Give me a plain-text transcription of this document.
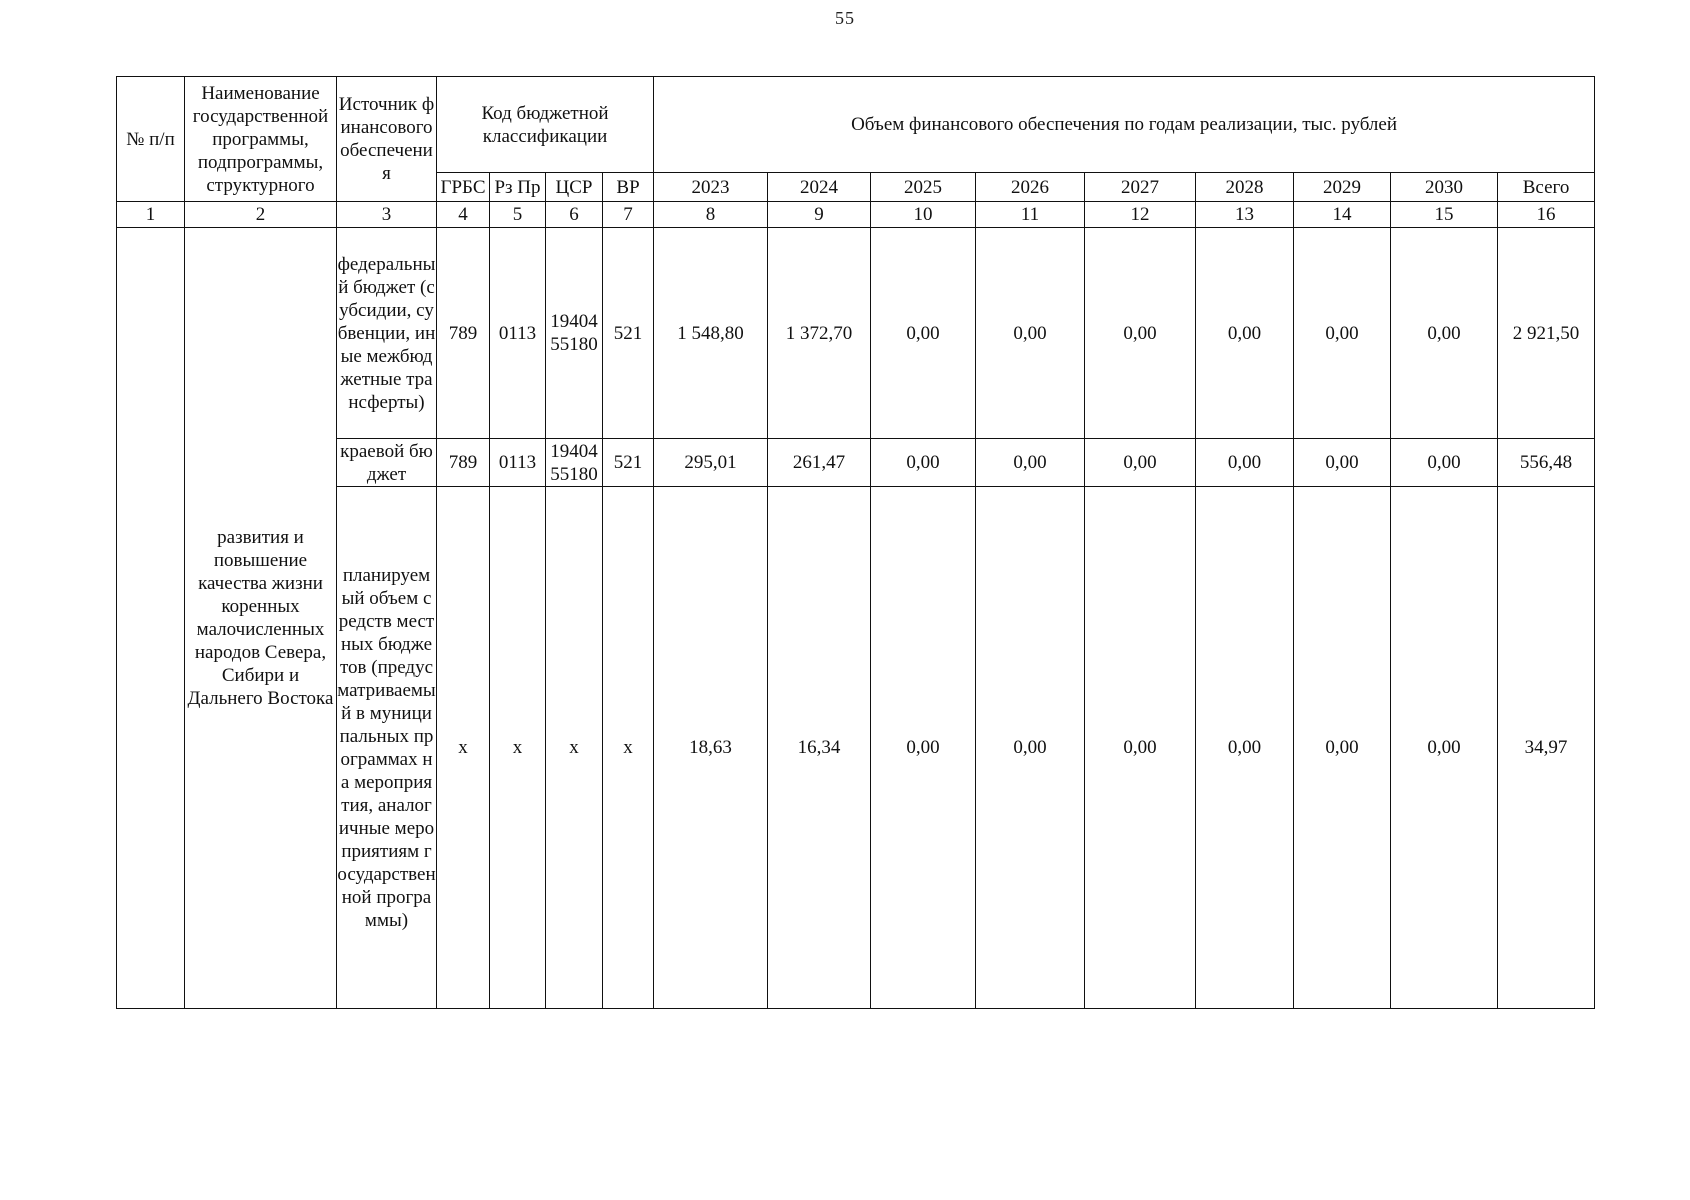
55
№ п/п	Наименование государственной программы, подпрограммы, структурного	Источник финансового обеспечения	Код бюджетной классификации				Объем финансового обеспечения по годам реализации, тыс. рублей								
			ГРБС	Рз Пр	ЦСР	ВР	2023	2024	2025	2026	2027	2028	2029	2030	Всего
1	2	3	4	5	6	7	8	9	10	11	12	13	14	15	16
	развития и повышение качества жизни коренных малочисленных народов Севера, Сибири и Дальнего Востока	федеральный бюджет (субсидии, субвенции, иные межбюджетные трансферты)	789	0113	19404 55180	521	1 548,80	1 372,70	0,00	0,00	0,00	0,00	0,00	0,00	2 921,50
		краевой бюджет	789	0113	19404 55180	521	295,01	261,47	0,00	0,00	0,00	0,00	0,00	0,00	556,48
		планируемый объем средств местных бюджетов (предусматриваемый в муниципальных программах на мероприятия, аналогичные мероприятиям государственной программы)	x	x	x	x	18,63	16,34	0,00	0,00	0,00	0,00	0,00	0,00	34,97
